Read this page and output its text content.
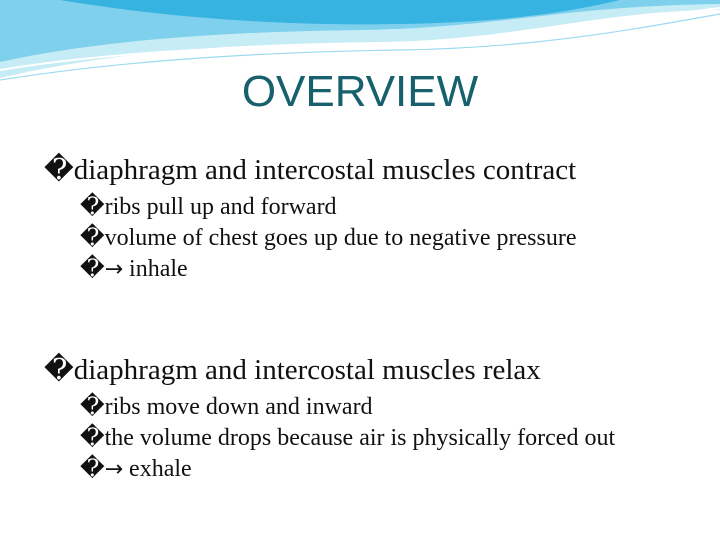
OVERVIEW
�diaphragm and intercostal muscles contract
�ribs pull up and forward
�volume of chest goes up due to negative pressure
�→ inhale
�diaphragm and intercostal muscles relax
�ribs move down and inward
�the volume drops because air is physically forced out
�→ exhale
